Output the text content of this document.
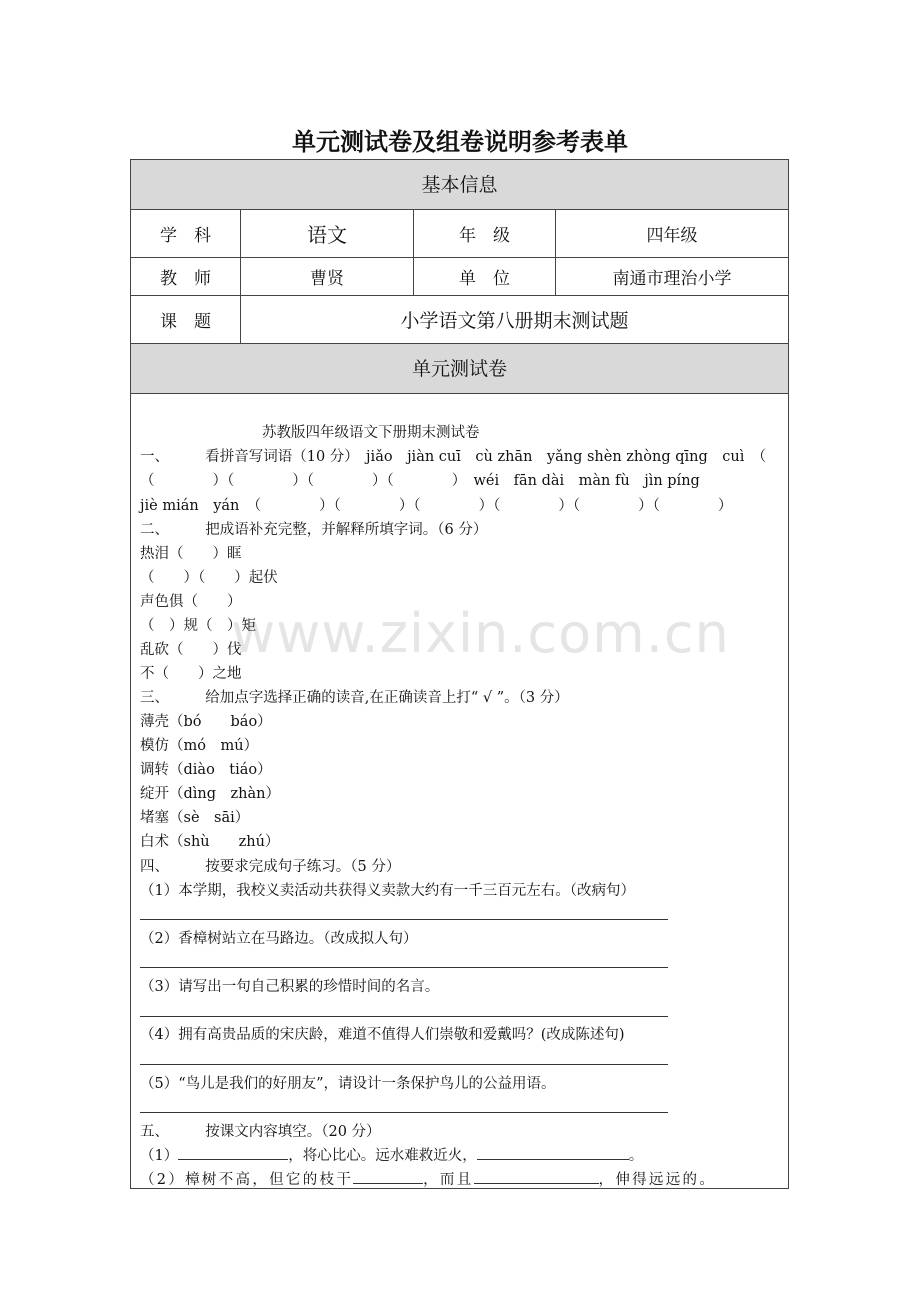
单元测试卷及组卷说明参考表单
基本信息
学　科	语文	年　级	四年级
教　师	曹贤	单　位	南通市理治小学
课　题	小学语文第八册期末测试题
单元测试卷
www.zixin.com.cn
苏教版四年级语文下册期末测试卷
一、　　　看拼音写词语（10 分）　jiǎo　jiàn cuī　cù zhān　yǎng shèn zhòng qīng　cuì　（
（　　　　）（　　　　）（　　　　）（　　　　）　wéi　fān dài　màn fù　jìn píng
jiè mián　yán　（　　　　）（　　　　）（　　　　）（　　　　）（　　　　）（　　　　）
二、　　　把成语补充完整，并解释所填字词。（6 分）
热泪（　　）眶
（　　）（　　）起伏
声色俱（　　）
（　）规（　）矩
乱砍（　　）伐
不（　　）之地
三、　　　给加点字选择正确的读音,在正确读音上打“ √ ”。（3 分）
薄壳（bó　　báo）
模仿（mó　mú）
调转（diào　tiáo）
绽开（dìng　zhàn）
堵塞（sè　sāi）
白术（shù　　zhú）
四、　　　按要求完成句子练习。（5 分）
（1）本学期，我校义卖活动共获得义卖款大约有一千三百元左右。（改病句）
（2）香樟树站立在马路边。（改成拟人句）
（3）请写出一句自己积累的珍惜时间的名言。
（4）拥有高贵品质的宋庆龄，难道不值得人们崇敬和爱戴吗？(改成陈述句)
（5）“鸟儿是我们的好朋友”，请设计一条保护鸟儿的公益用语。
五、　　　按课文内容填空。（20 分）
（1）	，将心比心。远水难救近火，	。
（2）樟树不高，但它的枝干	，而且	，伸得远远的。
